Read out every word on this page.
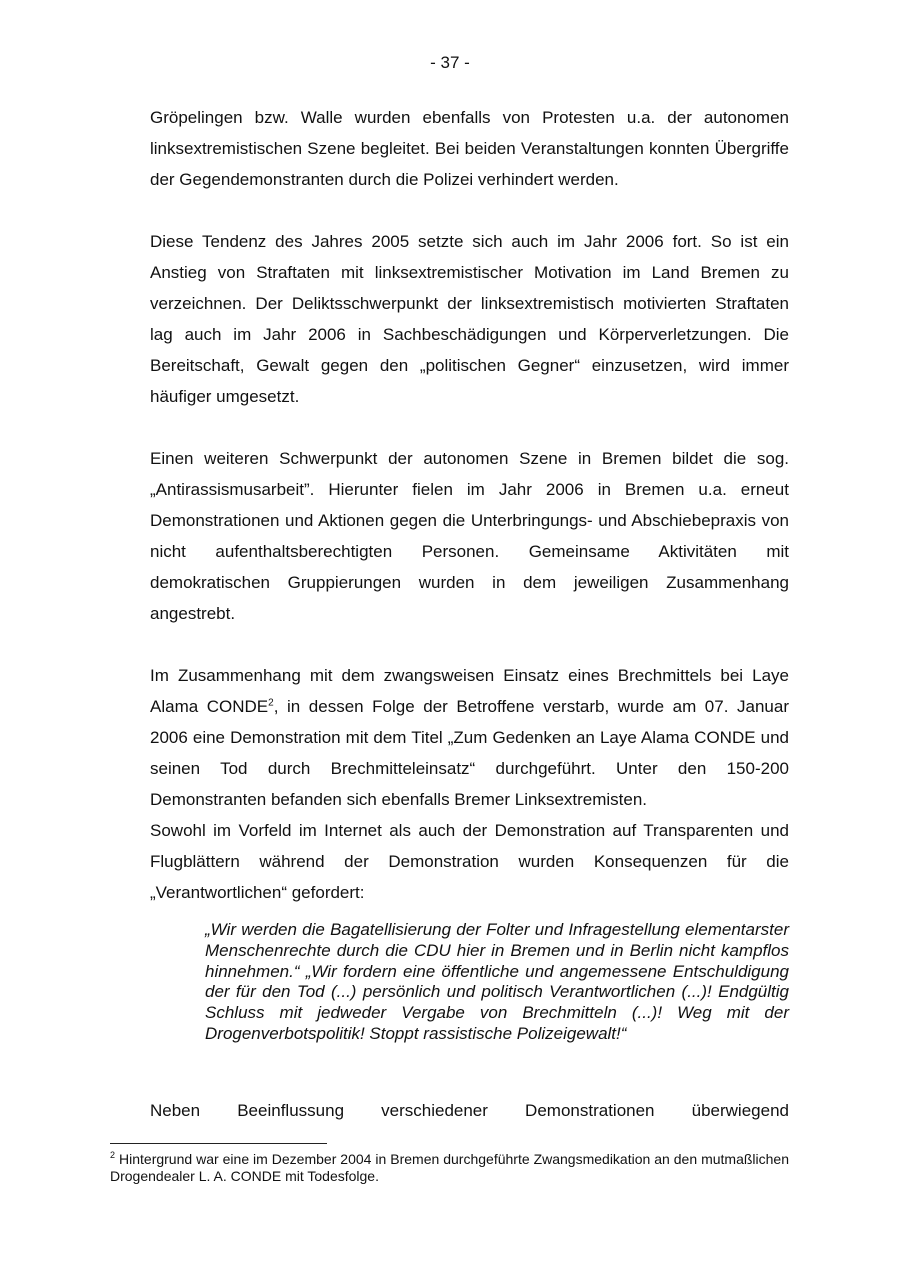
- 37 -

Gröpelingen bzw. Walle wurden ebenfalls von Protesten u.a. der autonomen linksextremistischen Szene begleitet. Bei beiden Veranstaltungen konnten Übergriffe der Gegendemonstranten durch die Polizei verhindert werden.

Diese Tendenz des Jahres 2005 setzte sich auch im Jahr 2006 fort. So ist ein Anstieg von Straftaten mit linksextremistischer Motivation im Land Bremen zu verzeichnen. Der Deliktsschwerpunkt der linksextremistisch motivierten Straftaten lag auch im Jahr 2006 in Sachbeschädigungen und Körperverletzungen. Die Bereitschaft, Gewalt gegen den „politischen Gegner“ einzusetzen, wird immer häufiger umgesetzt.

Einen weiteren Schwerpunkt der autonomen Szene in Bremen bildet die sog. „Antirassismusarbeit”. Hierunter fielen im Jahr 2006 in Bremen u.a. erneut Demonstrationen und Aktionen gegen die Unterbringungs- und Abschiebepraxis von nicht aufenthaltsberechtigten Personen. Gemeinsame Aktivitäten mit demokratischen Gruppierungen wurden in dem jeweiligen Zusammenhang angestrebt.

Im Zusammenhang mit dem zwangsweisen Einsatz eines Brechmittels bei Laye Alama CONDE$^2$, in dessen Folge der Betroffene verstarb, wurde am 07. Januar 2006 eine Demonstration mit dem Titel „Zum Gedenken an Laye Alama CONDE und seinen Tod durch Brechmitteleinsatz“ durchgeführt. Unter den 150-200 Demonstranten befanden sich ebenfalls Bremer Linksextremisten.

Sowohl im Vorfeld im Internet als auch der Demonstration auf Transparenten und Flugblättern während der Demonstration wurden Konsequenzen für die „Verantwortlichen“ gefordert:

„Wir werden die Bagatellisierung der Folter und Infragestellung elementarster Menschenrechte durch die CDU hier in Bremen und in Berlin nicht kampflos hinnehmen.“ „Wir fordern eine öffentliche und angemessene Entschuldigung der für den Tod (...) persönlich und politisch Verantwortlichen (...)! Endgültig Schluss mit jedweder Vergabe von Brechmitteln (...)! Weg mit der Drogenverbotspolitik! Stoppt rassistische Polizeigewalt!“

Neben Beeinflussung verschiedener Demonstrationen überwiegend

$^2$ Hintergrund war eine im Dezember 2004 in Bremen durchgeführte Zwangsmedikation an den mutmaßlichen Drogendealer L. A. CONDE mit Todesfolge.
